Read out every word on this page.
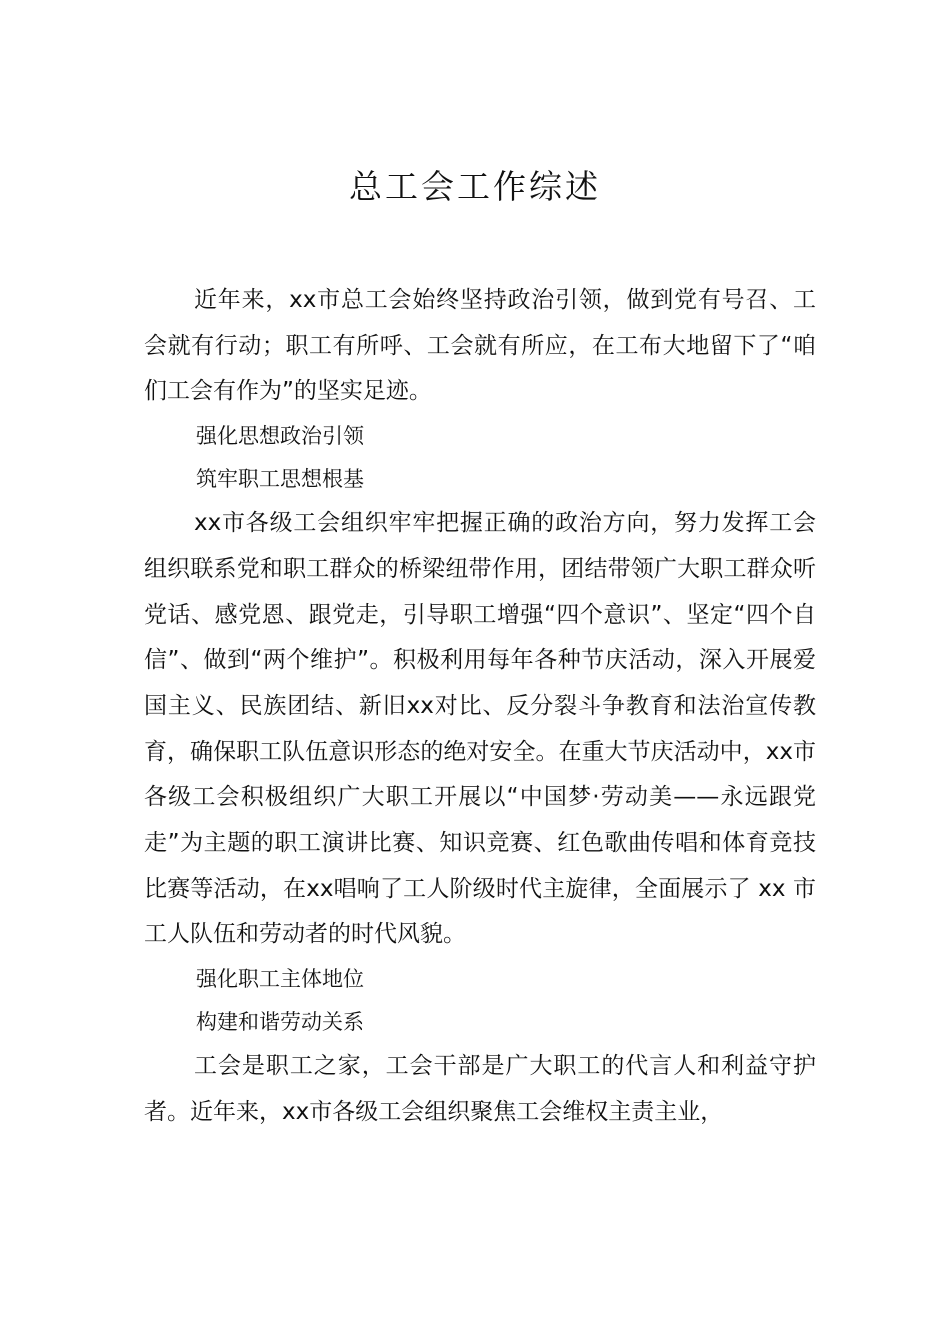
总工会工作综述

近年来，xx市总工会始终坚持政治引领，做到党有号召、工会就有行动；职工有所呼、工会就有所应，在工布大地留下了“咱们工会有作为”的坚实足迹。

强化思想政治引领

筑牢职工思想根基

xx市各级工会组织牢牢把握正确的政治方向，努力发挥工会组织联系党和职工群众的桥梁纽带作用，团结带领广大职工群众听党话、感党恩、跟党走，引导职工增强“四个意识”、坚定“四个自信”、做到“两个维护”。积极利用每年各种节庆活动，深入开展爱国主义、民族团结、新旧xx对比、反分裂斗争教育和法治宣传教育，确保职工队伍意识形态的绝对安全。在重大节庆活动中，xx市各级工会积极组织广大职工开展以“中国梦·劳动美——永远跟党走”为主题的职工演讲比赛、知识竞赛、红色歌曲传唱和体育竞技比赛等活动，在xx唱响了工人阶级时代主旋律，全面展示了 xx 市工人队伍和劳动者的时代风貌。

强化职工主体地位

构建和谐劳动关系

工会是职工之家，工会干部是广大职工的代言人和利益守护者。近年来，xx市各级工会组织聚焦工会维权主责主业，
